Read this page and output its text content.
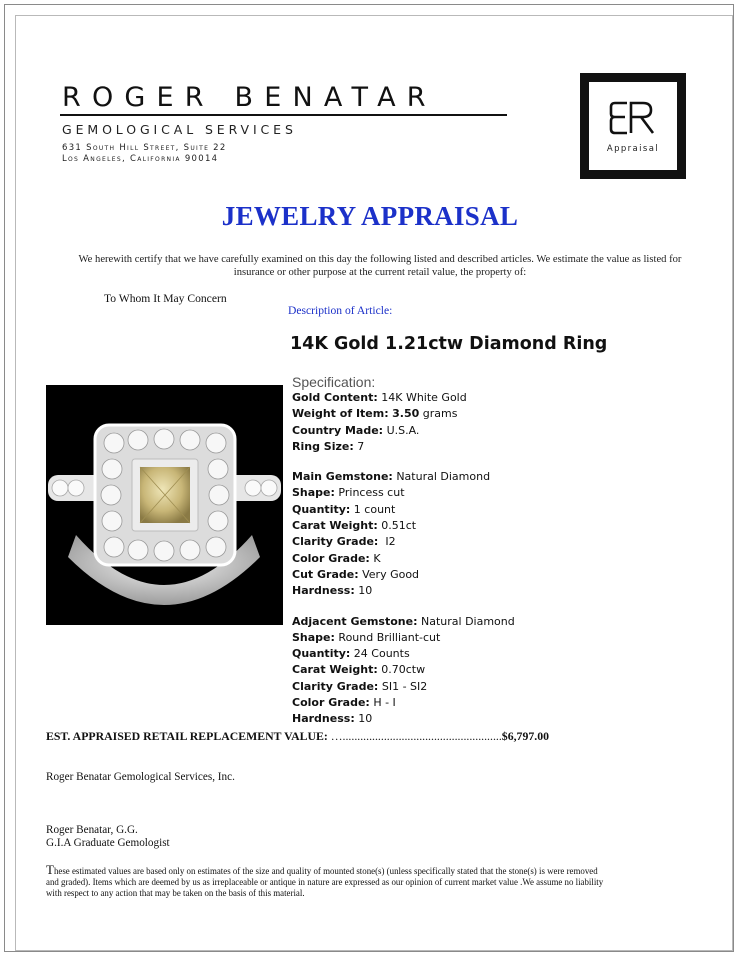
ROGER BENATAR
GEMOLOGICAL SERVICES
631 South Hill Street, Suite 22
Los Angeles, California 90014
Appraisal
JEWELRY APPRAISAL
We herewith certify that we have carefully examined on this day the following listed and described articles. We estimate the value as listed for insurance or other purpose at the current retail value, the property of:
To Whom It May Concern
Description of Article:
14K Gold 1.21ctw Diamond Ring
Specification:
Gold Content: 14K White Gold
Weight of Item: 3.50 grams
Country Made: U.S.A.
Ring Size: 7
Main Gemstone: Natural Diamond
Shape: Princess cut
Quantity: 1 count
Carat Weight: 0.51ct
Clarity Grade: I2
Color Grade: K
Cut Grade: Very Good
Hardness: 10
Adjacent Gemstone: Natural Diamond
Shape: Round Brilliant-cut
Quantity: 24 Counts
Carat Weight: 0.70ctw
Clarity Grade: SI1 - SI2
Color Grade: H - I
Hardness: 10
EST. APPRAISED RETAIL REPLACEMENT VALUE: …......................................................$6,797.00
Roger Benatar Gemological Services, Inc.
Roger Benatar, G.G.
G.I.A Graduate Gemologist
These estimated values are based only on estimates of the size and quality of mounted stone(s) (unless specifically stated that the stone(s) is were removed and graded). Items which are deemed by us as irreplaceable or antique in nature are expressed as our opinion of current market value .We assume no liability with respect to any action that may be taken on the basis of this material.
